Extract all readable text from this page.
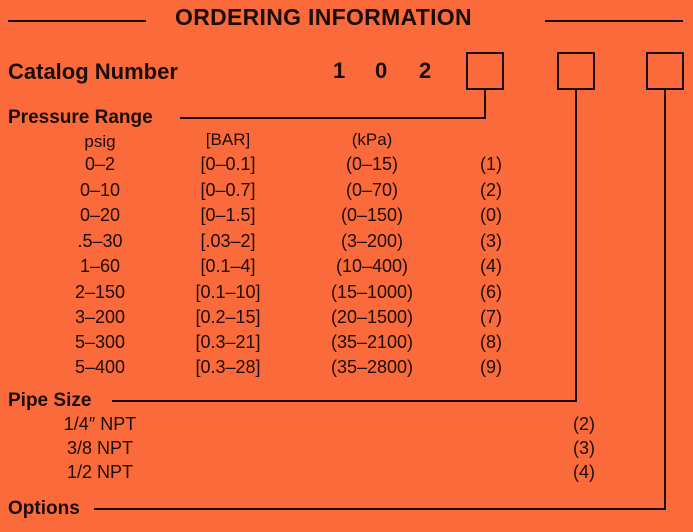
ORDERING INFORMATION
Catalog Number	1 0 2
Pressure Range
psig	[BAR]	(kPa)
0–2	[0–0.1]	(0–15)	(1)
0–10	[0–0.7]	(0–70)	(2)
0–20	[0–1.5]	(0–150)	(0)
.5–30	[.03–2]	(3–200)	(3)
1–60	[0.1–4]	(10–400)	(4)
2–150	[0.1–10]	(15–1000)	(6)
3–200	[0.2–15]	(20–1500)	(7)
5–300	[0.3–21]	(35–2100)	(8)
5–400	[0.3–28]	(35–2800)	(9)
Pipe Size
1/4″ NPT	(2)
3/8 NPT	(3)
1/2 NPT	(4)
Options
